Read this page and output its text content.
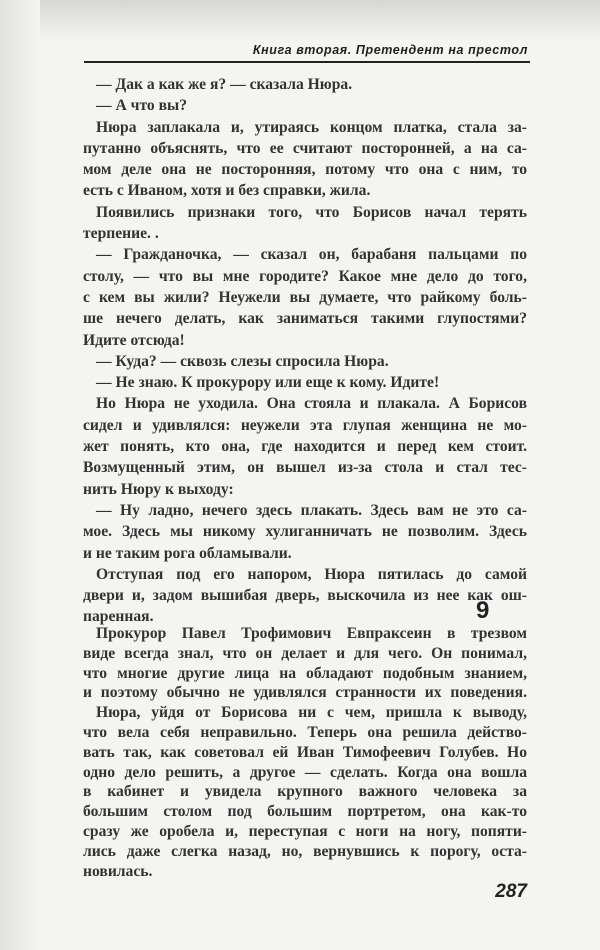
Книга вторая. Претендент на престол
— Дак а как же я? — сказала Нюра.
— А что вы?
Нюра заплакала и, утираясь концом платка, стала за-
путанно объяснять, что ее считают посторонней, а на са-
мом деле она не посторонняя, потому что она с ним, то
есть с Иваном, хотя и без справки, жила.
Появились признаки того, что Борисов начал терять
терпение. .
— Гражданочка, — сказал он, барабаня пальцами по
столу, — что вы мне городите? Какое мне дело до того,
с кем вы жили? Неужели вы думаете, что райкому боль-
ше нечего делать, как заниматься такими глупостями?
Идите отсюда!
— Куда? — сквозь слезы спросила Нюра.
— Не знаю. К прокурору или еще к кому. Идите!
Но Нюра не уходила. Она стояла и плакала. А Борисов
сидел и удивлялся: неужели эта глупая женщина не мо-
жет понять, кто она, где находится и перед кем стоит.
Возмущенный этим, он вышел из-за стола и стал тес-
нить Нюру к выходу:
— Ну ладно, нечего здесь плакать. Здесь вам не это са-
мое. Здесь мы никому хулиганничать не позволим. Здесь
и не таким рога обламывали.
Отступая под его напором, Нюра пятилась до самой
двери и, задом вышибая дверь, выскочила из нее как ош-
паренная.	9
Прокурор Павел Трофимович Евпраксеин в трезвом
виде всегда знал, что он делает и для чего. Он понимал,
что многие другие лица на обладают подобным знанием,
и поэтому обычно не удивлялся странности их поведения.
Нюра, уйдя от Борисова ни с чем, пришла к выводу,
что вела себя неправильно. Теперь она решила действо-
вать так, как советовал ей Иван Тимофеевич Голубев. Но
одно дело решить, а другое — сделать. Когда она вошла
в кабинет и увидела крупного важного человека за
большим столом под большим портретом, она как-то
сразу же оробела и, переступая с ноги на ногу, попяти-
лись даже слегка назад, но, вернувшись к порогу, оста-
новилась.
287
